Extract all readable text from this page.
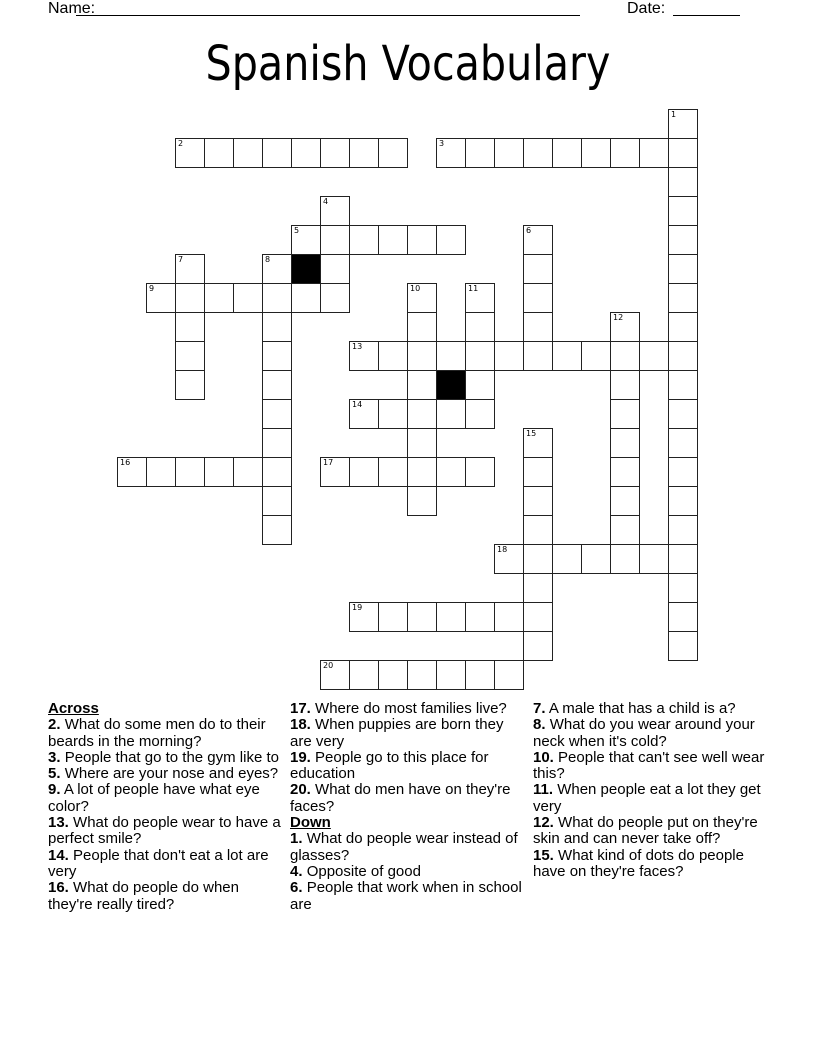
Name:	Date:
Spanish Vocabulary
1
2	3
4
5	6
7	8
9	10	11
12
13
14
15
16	17
18
19
20
Across
2. What do some men do to their beards in the morning?
3. People that go to the gym like to
5. Where are your nose and eyes?
9. A lot of people have what eye color?
13. What do people wear to have a perfect smile?
14. People that don't eat a lot are very
16. What do people do when they're really tired?
17. Where do most families live?
18. When puppies are born they are very
19. People go to this place for education
20. What do men have on they're faces?
Down
1. What do people wear instead of glasses?
4. Opposite of good
6. People that work when in school are
7. A male that has a child is a?
8. What do you wear around your neck when it's cold?
10. People that can't see well wear this?
11. When people eat a lot they get very
12. What do people put on they're skin and can never take off?
15. What kind of dots do people have on they're faces?
